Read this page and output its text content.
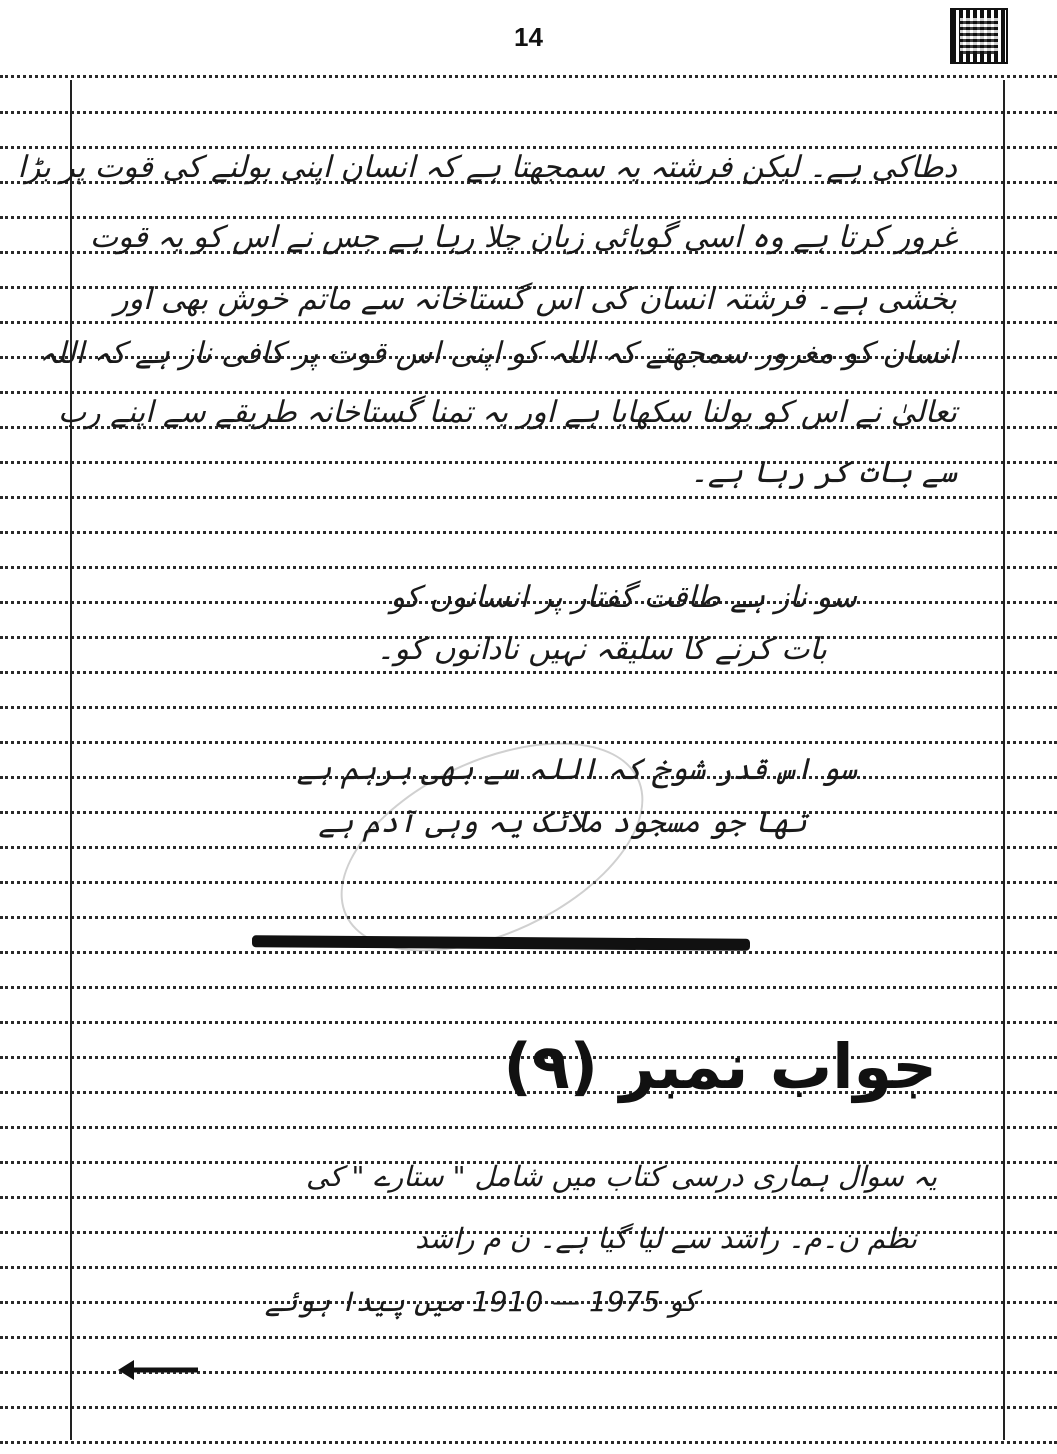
14
دطاکی ہے۔ لیکن فرشتہ یہ سمجھتا ہے کہ انسان اپنی بولنے کی قوت پر بڑا
غرور کرتا ہے وہ اسی گویائی زبان چلا رہا ہے جس نے اس کو یہ قوت
بخشی ہے۔ فرشتہ انسان کی اس گستاخانہ سے ماتم خوش بھی اور
انسان کو مغرور سمجھتے کہ اللہ کو اپنی اس قوت پر کافی ناز ہے کہ اللہ
تعالیٰ نے اس کو بولنا سکھایا ہے اور یہ تمنا گستاخانہ طریقے سے اپنے رب
سے بات کر رہا ہے۔
سو ناز ہے طاقت گفتار پر انسانوں کو
بات کرنے کا سلیقہ نہیں نادانوں کو۔
سو اس قدر شوخ کہ اللہ سے بھی برہم ہے
تھا جو مسجود ملائک یہ وہی آدم ہے
جواب نمبر (۹)
یہ سوال ہماری درسی کتاب میں شامل " ستارے " کی
نظم ن۔م۔ راشد سے لیا گیا ہے۔ ن م راشد
کو 1975 — 1910 میں پیدا ہوئے
